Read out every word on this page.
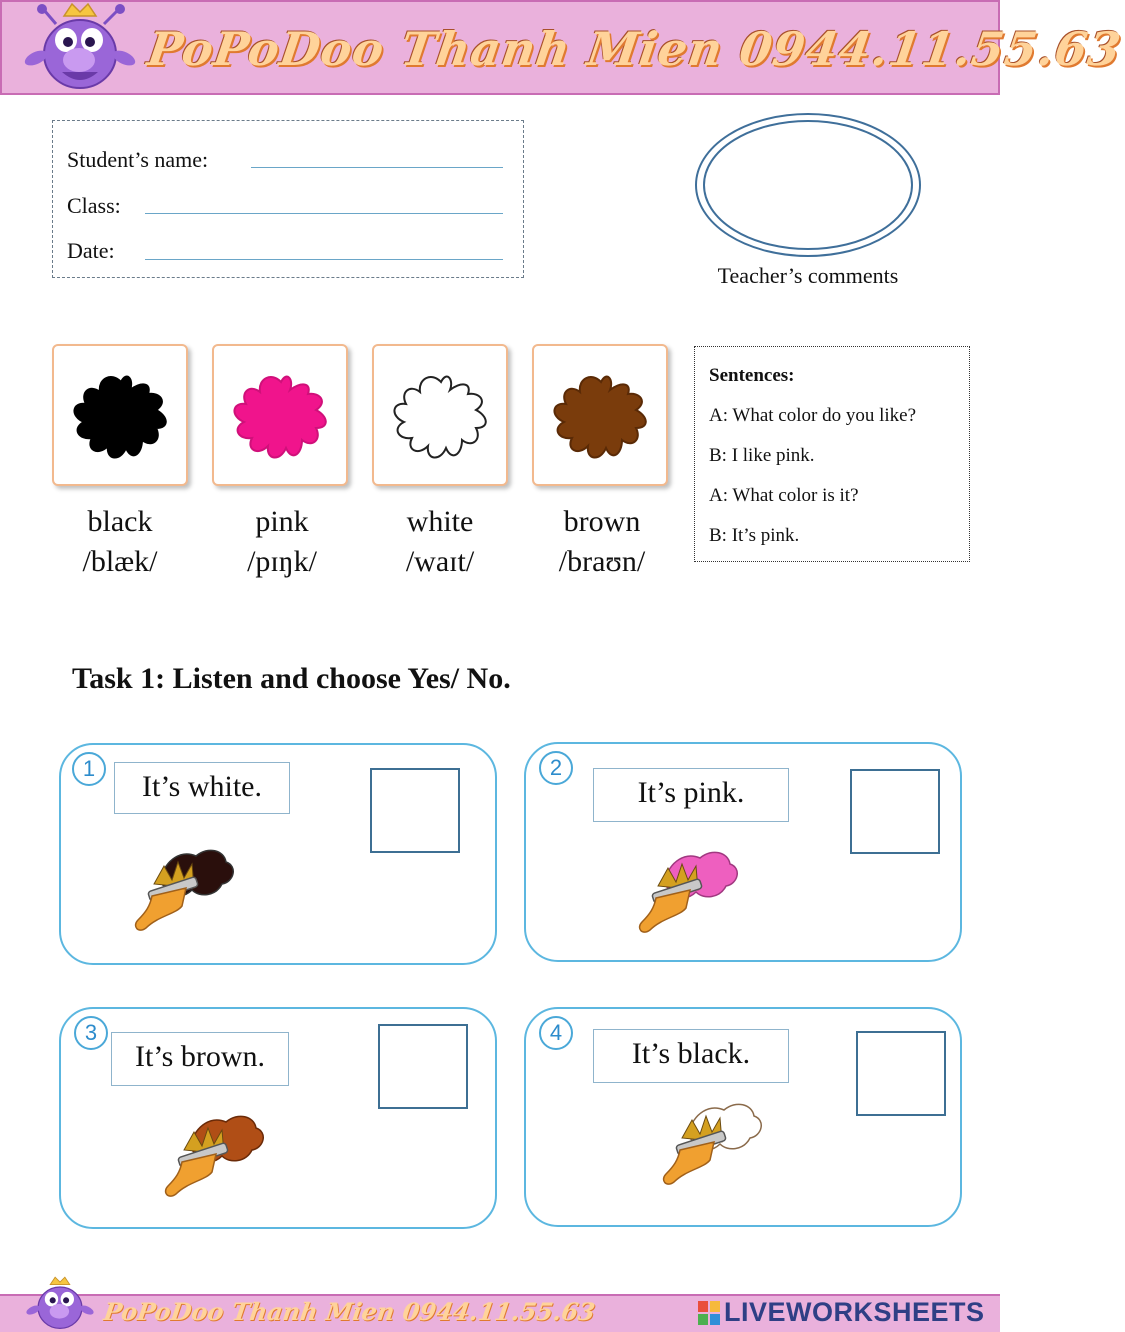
PoPoDoo Thanh Mien 0944.11.55.63
Student’s name:
Class:
Date:
Teacher’s comments
black
/blæk/
pink
/pɪŋk/
white
/waɪt/
brown
/braʊn/
Sentences:
A: What color do you like?
B: I like pink.
A: What color is it?
B: It’s pink.
Task 1: Listen and choose Yes/ No.
1
It’s white.
2
It’s pink.
3
It’s brown.
4
It’s black.
PoPoDoo Thanh Mien 0944.11.55.63	LIVEWORKSHEETS
